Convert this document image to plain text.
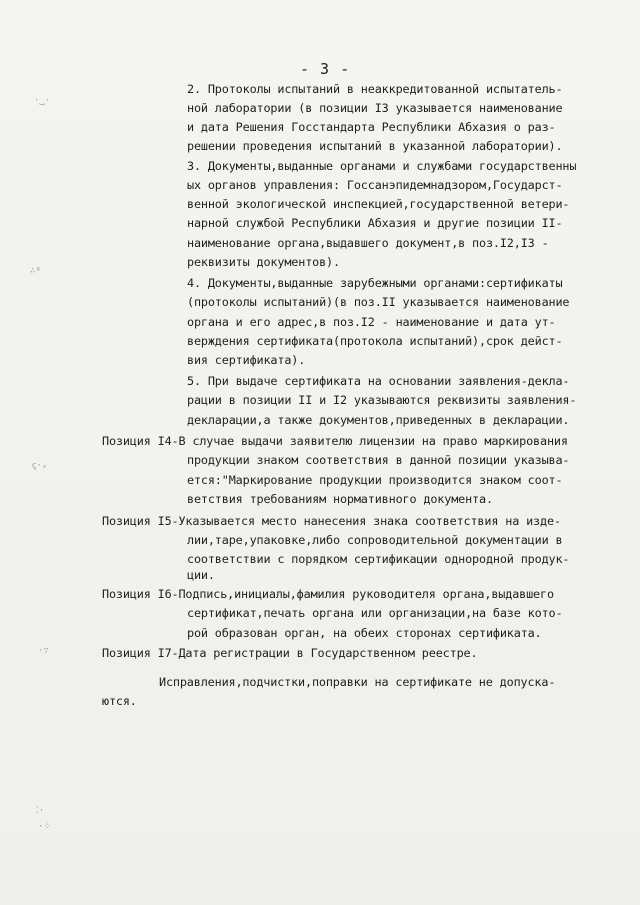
- 3 -
·‿·
∴ᵍ
ꞔ·ₓ
·∵
⁚·
·⁘
2. Протоколы испытаний в неаккредитованной испытатель-
ной лаборатории (в позиции I3 указывается наименование
и дата Решения Госстандарта Республики Абхазия о раз-
решении проведения испытаний в указанной лаборатории).
3. Документы,выданные органами и службами государственны
ых органов управления: Госсанэпидемнадзором,Государст-
венной экологической инспекцией,государственной ветери-
нарной службой Республики Абхазия и другие позиции II-
наименование органа,выдавшего документ,в поз.I2,I3 -
реквизиты документов).
4. Документы,выданные зарубежными органами:сертификаты
(протоколы испытаний)(в поз.II указывается наименование
органа и его адрес,в поз.I2 - наименование и дата ут-
верждения сертификата(протокола испытаний),срок дейст-
вия сертификата).
5. При выдаче сертификата на основании заявления-декла-
рации в позиции II и I2 указываются реквизиты заявления-
декларации,а также документов,приведенных в декларации.
Позиция I4-В случае выдачи заявителю лицензии на право маркирования
продукции знаком соответствия в данной позиции указыва-
ется:"Маркирование продукции производится знаком соот-
ветствия требованиям нормативного документа.
Позиция I5-Указывается место нанесения знака соответствия на изде-
лии,таре,упаковке,либо сопроводительной документации в
соответствии с порядком сертификации однородной продук-
ции.
Позиция I6-Подпись,инициалы,фамилия руководителя органа,выдавшего
сертификат,печать органа или организации,на базе кото-
рой образован орган, на обеих сторонах сертификата.
Позиция I7-Дата регистрации в Государственном реестре.
Исправления,подчистки,поправки на сертификате не допуска-
ются.
